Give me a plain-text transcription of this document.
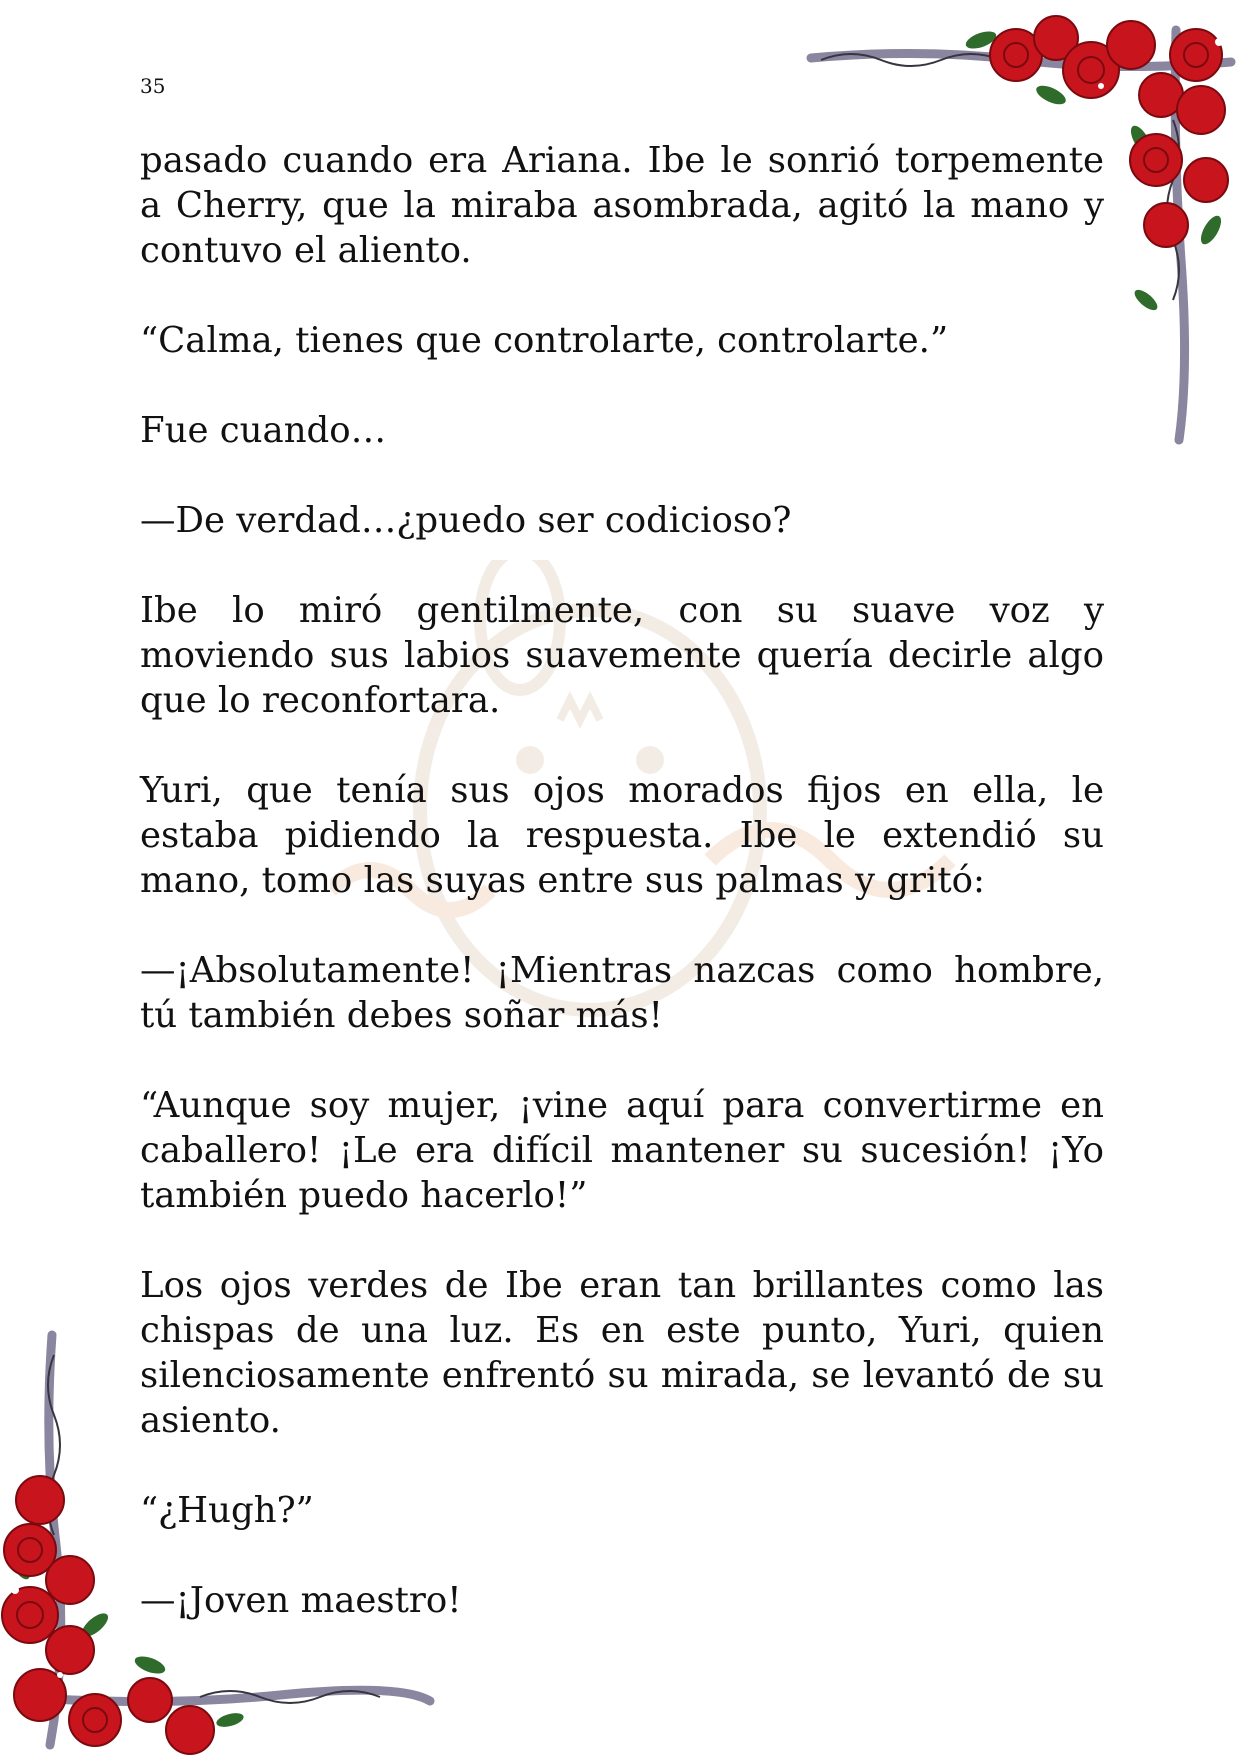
35

pasado cuando era Ariana. Ibe le sonrió torpemente a Cherry, que la miraba asombrada, agitó la mano y contuvo el aliento.

“Calma, tienes que controlarte, controlarte.”

Fue cuando…

—De verdad…¿puedo ser codicioso?

Ibe lo miró gentilmente, con su suave voz y moviendo sus labios suavemente quería decirle algo que lo reconfortara.

Yuri, que tenía sus ojos morados fijos en ella, le estaba pidiendo la respuesta. Ibe le extendió su mano, tomo las suyas entre sus palmas y gritó:

—¡Absolutamente! ¡Mientras nazcas como hombre, tú también debes soñar más!

“Aunque soy mujer, ¡vine aquí para convertirme en caballero! ¡Le era difícil mantener su sucesión! ¡Yo también puedo hacerlo!”

Los ojos verdes de Ibe eran tan brillantes como las chispas de una luz. Es en este punto, Yuri, quien silenciosamente enfrentó su mirada, se levantó de su asiento.

“¿Hugh?”

—¡Joven maestro!
